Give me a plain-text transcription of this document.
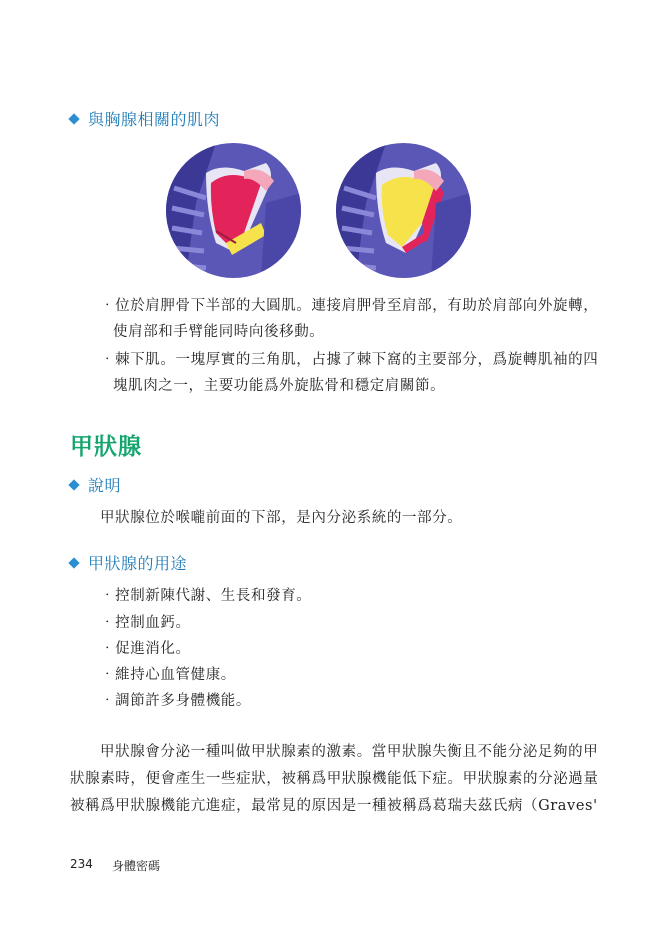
與胸腺相關的肌肉
‧位於肩胛骨下半部的大圓肌。連接肩胛骨至肩部，有助於肩部向外旋轉，
使肩部和手臂能同時向後移動。
‧棘下肌。一塊厚實的三角肌，占據了棘下窩的主要部分，爲旋轉肌袖的四
塊肌肉之一，主要功能爲外旋肱骨和穩定肩關節。
甲狀腺
說明
甲狀腺位於喉嚨前面的下部，是內分泌系統的一部分。
甲狀腺的用途
‧控制新陳代謝、生長和發育。
‧控制血鈣。
‧促進消化。
‧維持心血管健康。
‧調節許多身體機能。
甲狀腺會分泌一種叫做甲狀腺素的激素。當甲狀腺失衡且不能分泌足夠的甲
狀腺素時，便會產生一些症狀，被稱爲甲狀腺機能低下症。甲狀腺素的分泌過量
被稱爲甲狀腺機能亢進症，最常見的原因是一種被稱爲葛瑞夫茲氏病（Graves'
234 身體密碼
